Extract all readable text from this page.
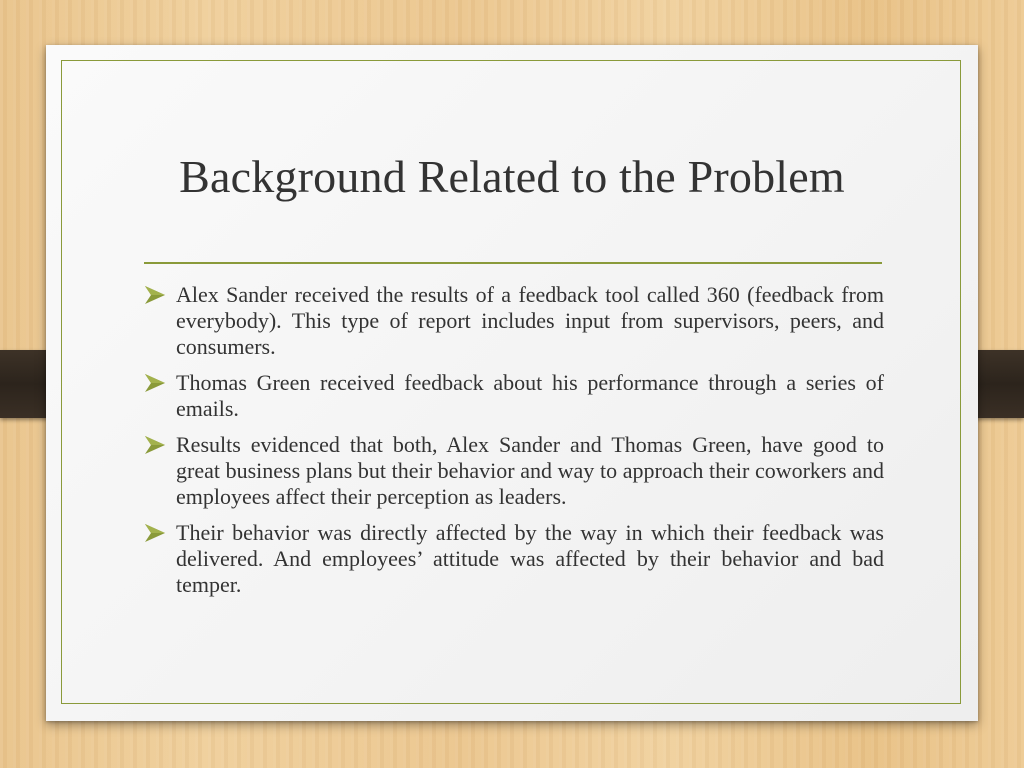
Background Related to the Problem
Alex Sander received the results of a feedback tool called 360 (feedback from everybody). This type of report includes input from supervisors, peers, and consumers.
Thomas Green received feedback about his performance through a series of emails.
Results evidenced that both, Alex Sander and Thomas Green, have good to great business plans but their behavior and way to approach their coworkers and employees affect their perception as leaders.
Their behavior was directly affected by the way in which their feedback was delivered. And employees’ attitude was affected by their behavior and bad temper.
